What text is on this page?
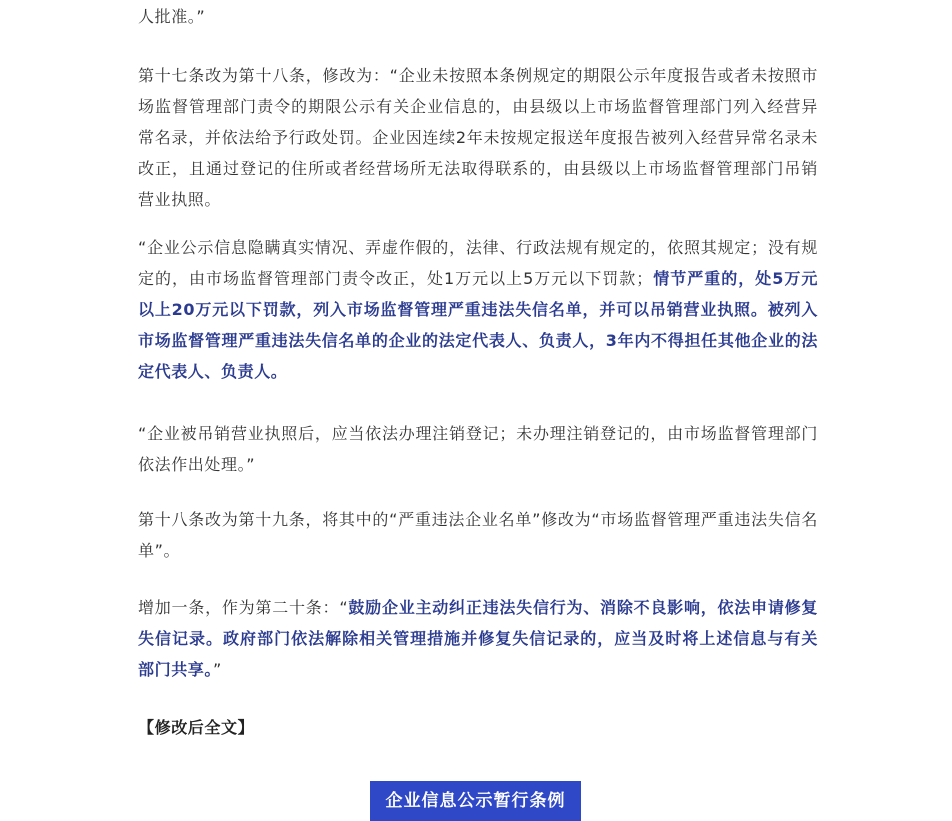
人批准。”

第十七条改为第十八条，修改为：“企业未按照本条例规定的期限公示年度报告或者未按照市场监督管理部门责令的期限公示有关企业信息的，由县级以上市场监督管理部门列入经营异常名录，并依法给予行政处罚。企业因连续2年未按规定报送年度报告被列入经营异常名录未改正，且通过登记的住所或者经营场所无法取得联系的，由县级以上市场监督管理部门吊销营业执照。

“企业公示信息隐瞒真实情况、弄虚作假的，法律、行政法规有规定的，依照其规定；没有规定的，由市场监督管理部门责令改正，处1万元以上5万元以下罚款；情节严重的，处5万元以上20万元以下罚款，列入市场监督管理严重违法失信名单，并可以吊销营业执照。被列入市场监督管理严重违法失信名单的企业的法定代表人、负责人，3年内不得担任其他企业的法定代表人、负责人。

“企业被吊销营业执照后，应当依法办理注销登记；未办理注销登记的，由市场监督管理部门依法作出处理。”

第十八条改为第十九条，将其中的“严重违法企业名单”修改为“市场监督管理严重违法失信名单”。

增加一条，作为第二十条：“鼓励企业主动纠正违法失信行为、消除不良影响，依法申请修复失信记录。政府部门依法解除相关管理措施并修复失信记录的，应当及时将上述信息与有关部门共享。”

【修改后全文】

企业信息公示暂行条例
